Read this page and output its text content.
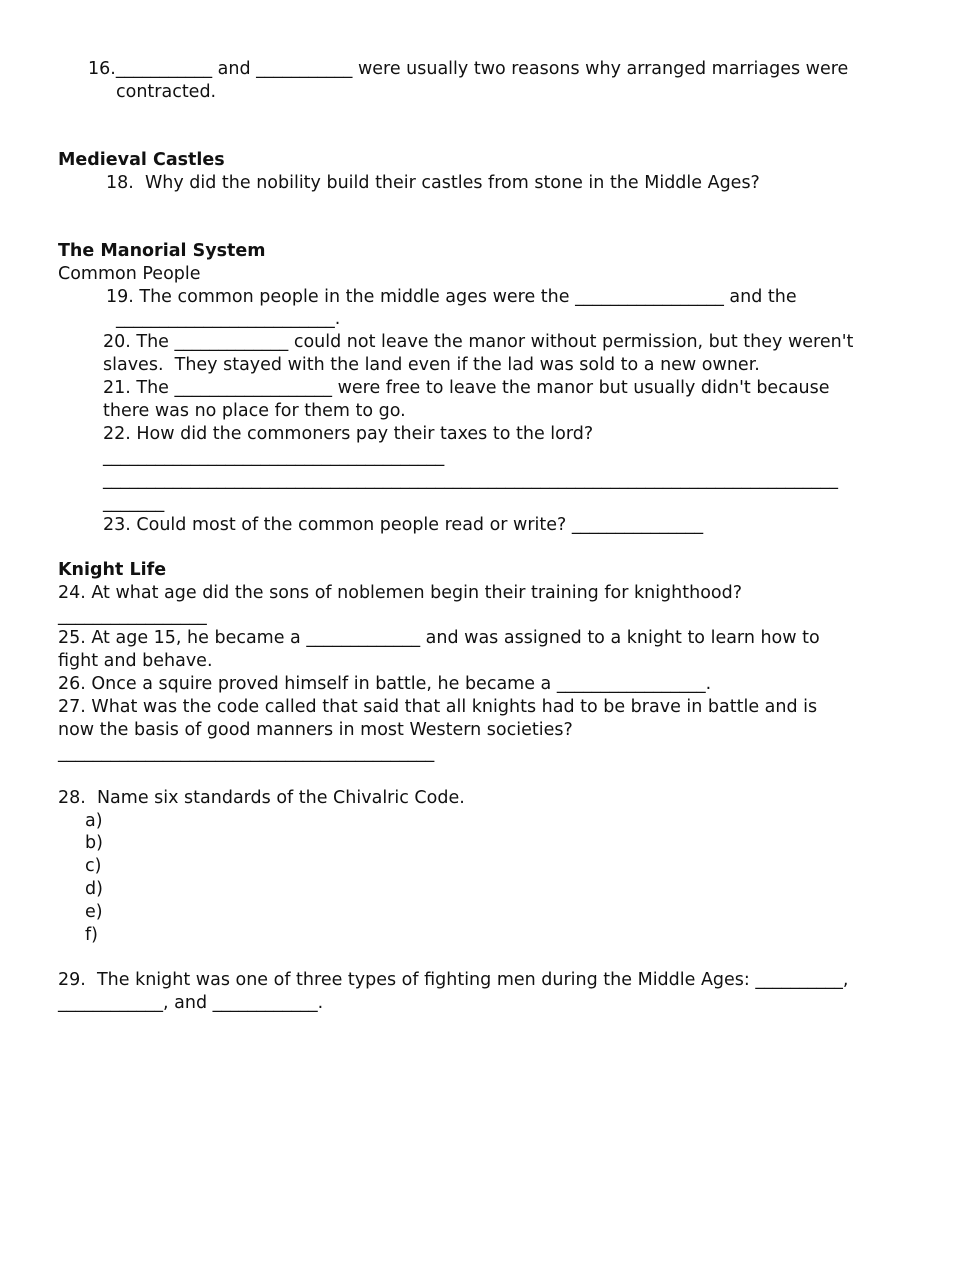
16.___________ and ___________ were usually two reasons why arranged marriages were
contracted.
Medieval Castles
18.  Why did the nobility build their castles from stone in the Middle Ages?
The Manorial System
Common People
19. The common people in the middle ages were the _________________ and the
_________________________.
20. The _____________ could not leave the manor without permission, but they weren't
slaves.  They stayed with the land even if the lad was sold to a new owner.
21. The __________________ were free to leave the manor but usually didn't because
there was no place for them to go.
22. How did the commoners pay their taxes to the lord?
_______________________________________
____________________________________________________________________________________
_______
23. Could most of the common people read or write? _______________
Knight Life
24. At what age did the sons of noblemen begin their training for knighthood?
_________________
25. At age 15, he became a _____________ and was assigned to a knight to learn how to
fight and behave.
26. Once a squire proved himself in battle, he became a _________________.
27. What was the code called that said that all knights had to be brave in battle and is
now the basis of good manners in most Western societies?
___________________________________________
28.  Name six standards of the Chivalric Code.
a)
b)
c)
d)
e)
f)
29.  The knight was one of three types of fighting men during the Middle Ages: __________,
____________, and ____________.
